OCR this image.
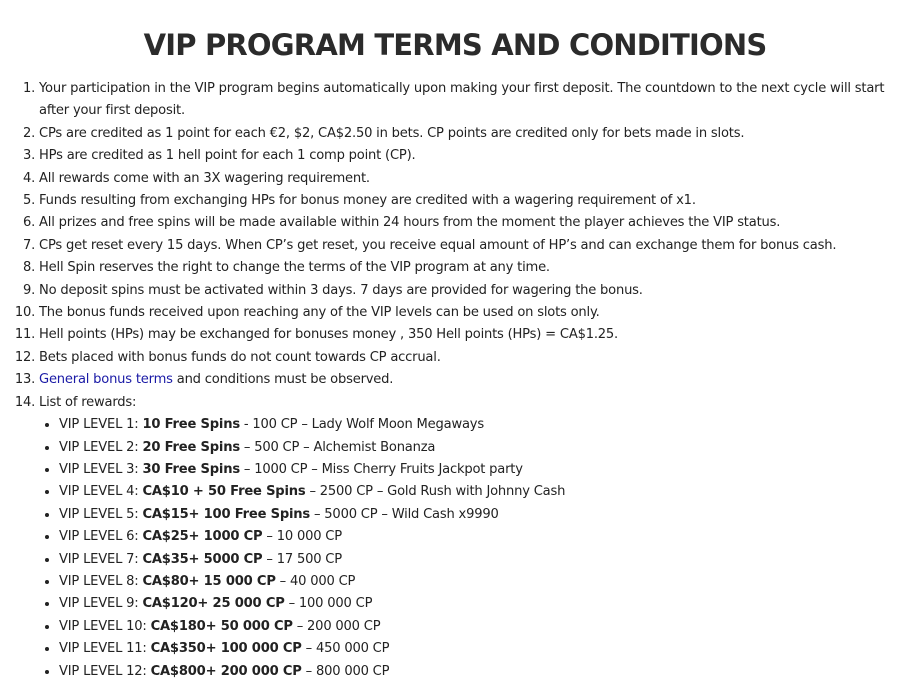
VIP PROGRAM TERMS AND CONDITIONS
1. Your participation in the VIP program begins automatically upon making your first deposit. The countdown to the next cycle will start after your first deposit.
2. CPs are credited as 1 point for each €2, $2, CA$2.50 in bets. CP points are credited only for bets made in slots.
3. HPs are credited as 1 hell point for each 1 comp point (CP).
4. All rewards come with an 3X wagering requirement.
5. Funds resulting from exchanging HPs for bonus money are credited with a wagering requirement of x1.
6. All prizes and free spins will be made available within 24 hours from the moment the player achieves the VIP status.
7. CPs get reset every 15 days. When CP’s get reset, you receive equal amount of HP’s and can exchange them for bonus cash.
8. Hell Spin reserves the right to change the terms of the VIP program at any time.
9. No deposit spins must be activated within 3 days. 7 days are provided for wagering the bonus.
10. The bonus funds received upon reaching any of the VIP levels can be used on slots only.
11. Hell points (HPs) may be exchanged for bonuses money , 350 Hell points (HPs) = CA$1.25.
12. Bets placed with bonus funds do not count towards CP accrual.
13. General bonus terms and conditions must be observed.
14. List of rewards:
• VIP LEVEL 1: 10 Free Spins - 100 CP – Lady Wolf Moon Megaways
• VIP LEVEL 2: 20 Free Spins – 500 CP – Alchemist Bonanza
• VIP LEVEL 3: 30 Free Spins – 1000 CP – Miss Cherry Fruits Jackpot party
• VIP LEVEL 4: CA$10 + 50 Free Spins – 2500 CP – Gold Rush with Johnny Cash
• VIP LEVEL 5: CA$15+ 100 Free Spins – 5000 CP – Wild Cash x9990
• VIP LEVEL 6: CA$25+ 1000 CP – 10 000 CP
• VIP LEVEL 7: CA$35+ 5000 CP – 17 500 CP
• VIP LEVEL 8: CA$80+ 15 000 CP – 40 000 CP
• VIP LEVEL 9: CA$120+ 25 000 CP – 100 000 CP
• VIP LEVEL 10: CA$180+ 50 000 CP – 200 000 CP
• VIP LEVEL 11: CA$350+ 100 000 CP – 450 000 CP
• VIP LEVEL 12: CA$800+ 200 000 CP – 800 000 CP
